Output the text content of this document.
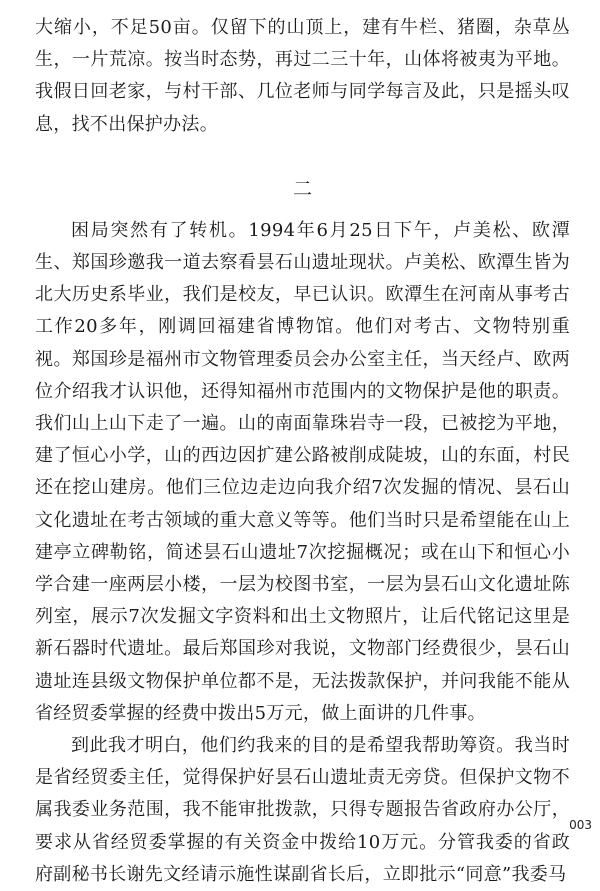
大缩小，不足50亩。仅留下的山顶上，建有牛栏、猪圈，杂草丛生，一片荒凉。按当时态势，再过二三十年，山体将被夷为平地。我假日回老家，与村干部、几位老师与同学每言及此，只是摇头叹息，找不出保护办法。

二

困局突然有了转机。1994年6月25日下午，卢美松、欧潭生、郑国珍邀我一道去察看昙石山遗址现状。卢美松、欧潭生皆为北大历史系毕业，我们是校友，早已认识。欧潭生在河南从事考古工作20多年，刚调回福建省博物馆。他们对考古、文物特别重视。郑国珍是福州市文物管理委员会办公室主任，当天经卢、欧两位介绍我才认识他，还得知福州市范围内的文物保护是他的职责。我们山上山下走了一遍。山的南面靠珠岩寺一段，已被挖为平地，建了恒心小学，山的西边因扩建公路被削成陡坡，山的东面，村民还在挖山建房。他们三位边走边向我介绍7次发掘的情况、昙石山文化遗址在考古领域的重大意义等等。他们当时只是希望能在山上建亭立碑勒铭，简述昙石山遗址7次挖掘概况；或在山下和恒心小学合建一座两层小楼，一层为校图书室，一层为昙石山文化遗址陈列室，展示7次发掘文字资料和出土文物照片，让后代铭记这里是新石器时代遗址。最后郑国珍对我说，文物部门经费很少，昙石山遗址连县级文物保护单位都不是，无法拨款保护，并问我能不能从省经贸委掌握的经费中拨出5万元，做上面讲的几件事。

到此我才明白，他们约我来的目的是希望我帮助筹资。我当时是省经贸委主任，觉得保护好昙石山遗址责无旁贷。但保护文物不属我委业务范围，我不能审批拨款，只得专题报告省政府办公厅，要求从省经贸委掌握的有关资金中拨给10万元。分管我委的省政府副秘书长谢先文经请示施性谋副省长后，立即批示“同意”我委马

003
